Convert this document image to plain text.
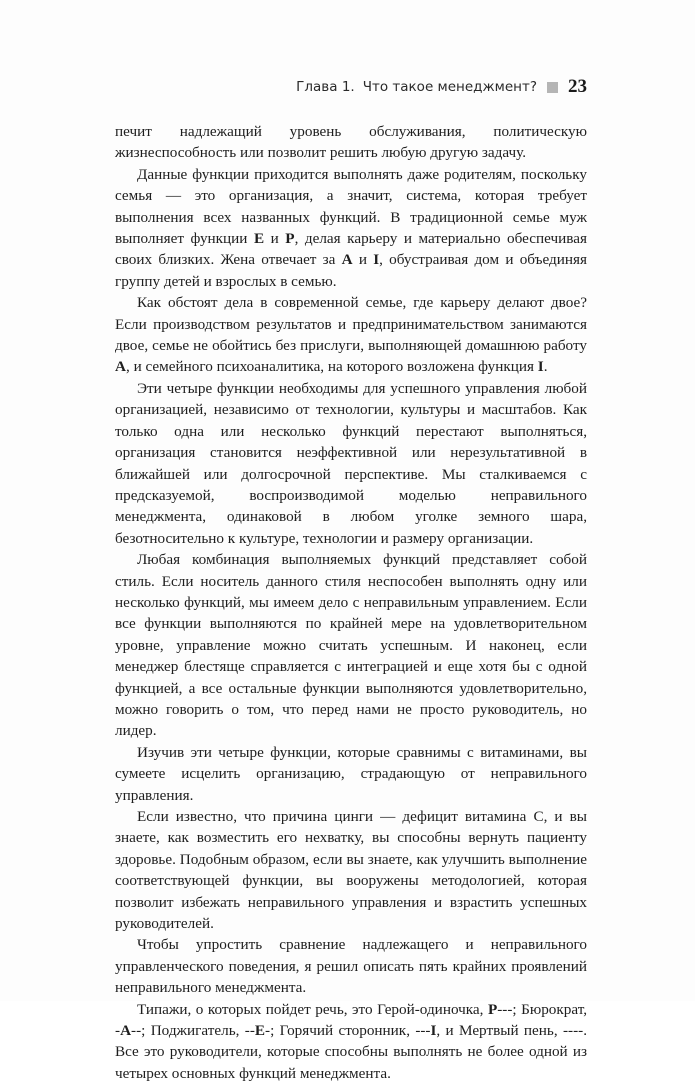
Глава 1. Что такое менеджмент? 23

печит надлежащий уровень обслуживания, политическую жизнеспособность или позволит решить любую другую задачу.

Данные функции приходится выполнять даже родителям, поскольку семья — это организация, а значит, система, которая требует выполнения всех названных функций. В традиционной семье муж выполняет функции E и P, делая карьеру и материально обеспечивая своих близких. Жена отвечает за A и I, обустраивая дом и объединяя группу детей и взрослых в семью.

Как обстоят дела в современной семье, где карьеру делают двое? Если производством результатов и предпринимательством занимаются двое, семье не обойтись без прислуги, выполняющей домашнюю работу A, и семейного психоаналитика, на которого возложена функция I.

Эти четыре функции необходимы для успешного управления любой организацией, независимо от технологии, культуры и масштабов. Как только одна или несколько функций перестают выполняться, организация становится неэффективной или нерезультативной в ближайшей или долгосрочной перспективе. Мы сталкиваемся с предсказуемой, воспроизводимой моделью неправильного менеджмента, одинаковой в любом уголке земного шара, безотносительно к культуре, технологии и размеру организации.

Любая комбинация выполняемых функций представляет собой стиль. Если носитель данного стиля неспособен выполнять одну или несколько функций, мы имеем дело с неправильным управлением. Если все функции выполняются по крайней мере на удовлетворительном уровне, управление можно считать успешным. И наконец, если менеджер блестяще справляется с интеграцией и еще хотя бы с одной функцией, а все остальные функции выполняются удовлетворительно, можно говорить о том, что перед нами не просто руководитель, но лидер.

Изучив эти четыре функции, которые сравнимы с витаминами, вы сумеете исцелить организацию, страдающую от неправильного управления.

Если известно, что причина цинги — дефицит витамина C, и вы знаете, как возместить его нехватку, вы способны вернуть пациенту здоровье. Подобным образом, если вы знаете, как улучшить выполнение соответствующей функции, вы вооружены методологией, которая позволит избежать неправильного управления и взрастить успешных руководителей.

Чтобы упростить сравнение надлежащего и неправильного управленческого поведения, я решил описать пять крайних проявлений неправильного менеджмента.

Типажи, о которых пойдет речь, это Герой-одиночка, P---; Бюрократ, -A--; Поджигатель, --E-; Горячий сторонник, ---I, и Мертвый пень, ----. Все это руководители, которые способны выполнять не более одной из четырех основных функций менеджмента.
